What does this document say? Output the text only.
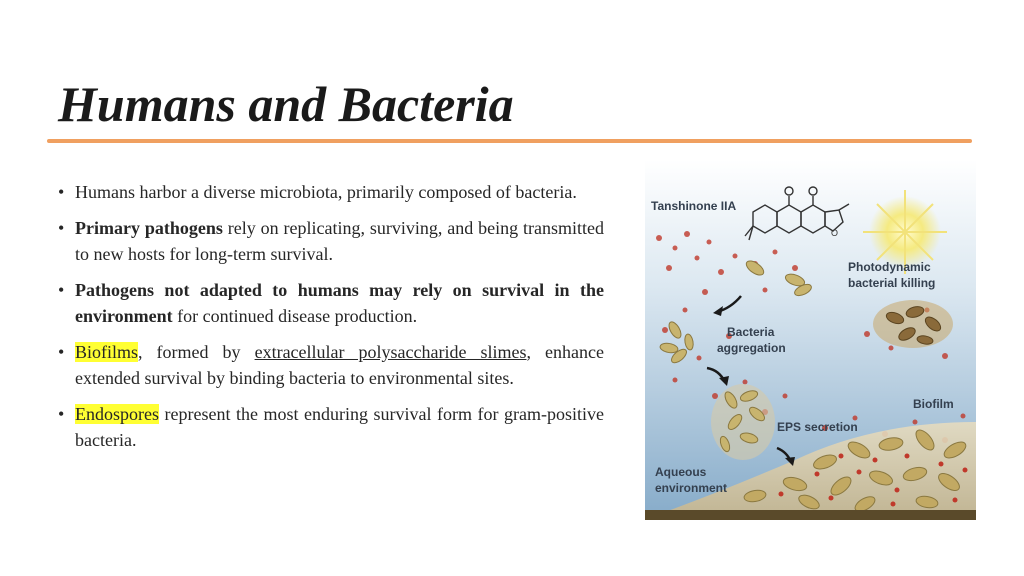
Humans and Bacteria
• Humans harbor a diverse microbiota, primarily composed of bacteria.
• Primary pathogens rely on replicating, surviving, and being transmitted to new hosts for long-term survival.
• Pathogens not adapted to humans may rely on survival in the environment for continued disease production.
• Biofilms, formed by extracellular polysaccharide slimes, enhance extended survival by binding bacteria to environmental sites.
• Endospores represent the most enduring survival form for gram-positive bacteria.
O
Tanshinone IIA
Photodynamic
bacterial killing
Bacteria
aggregation
Biofilm
EPS secretion
Aqueous
environment
